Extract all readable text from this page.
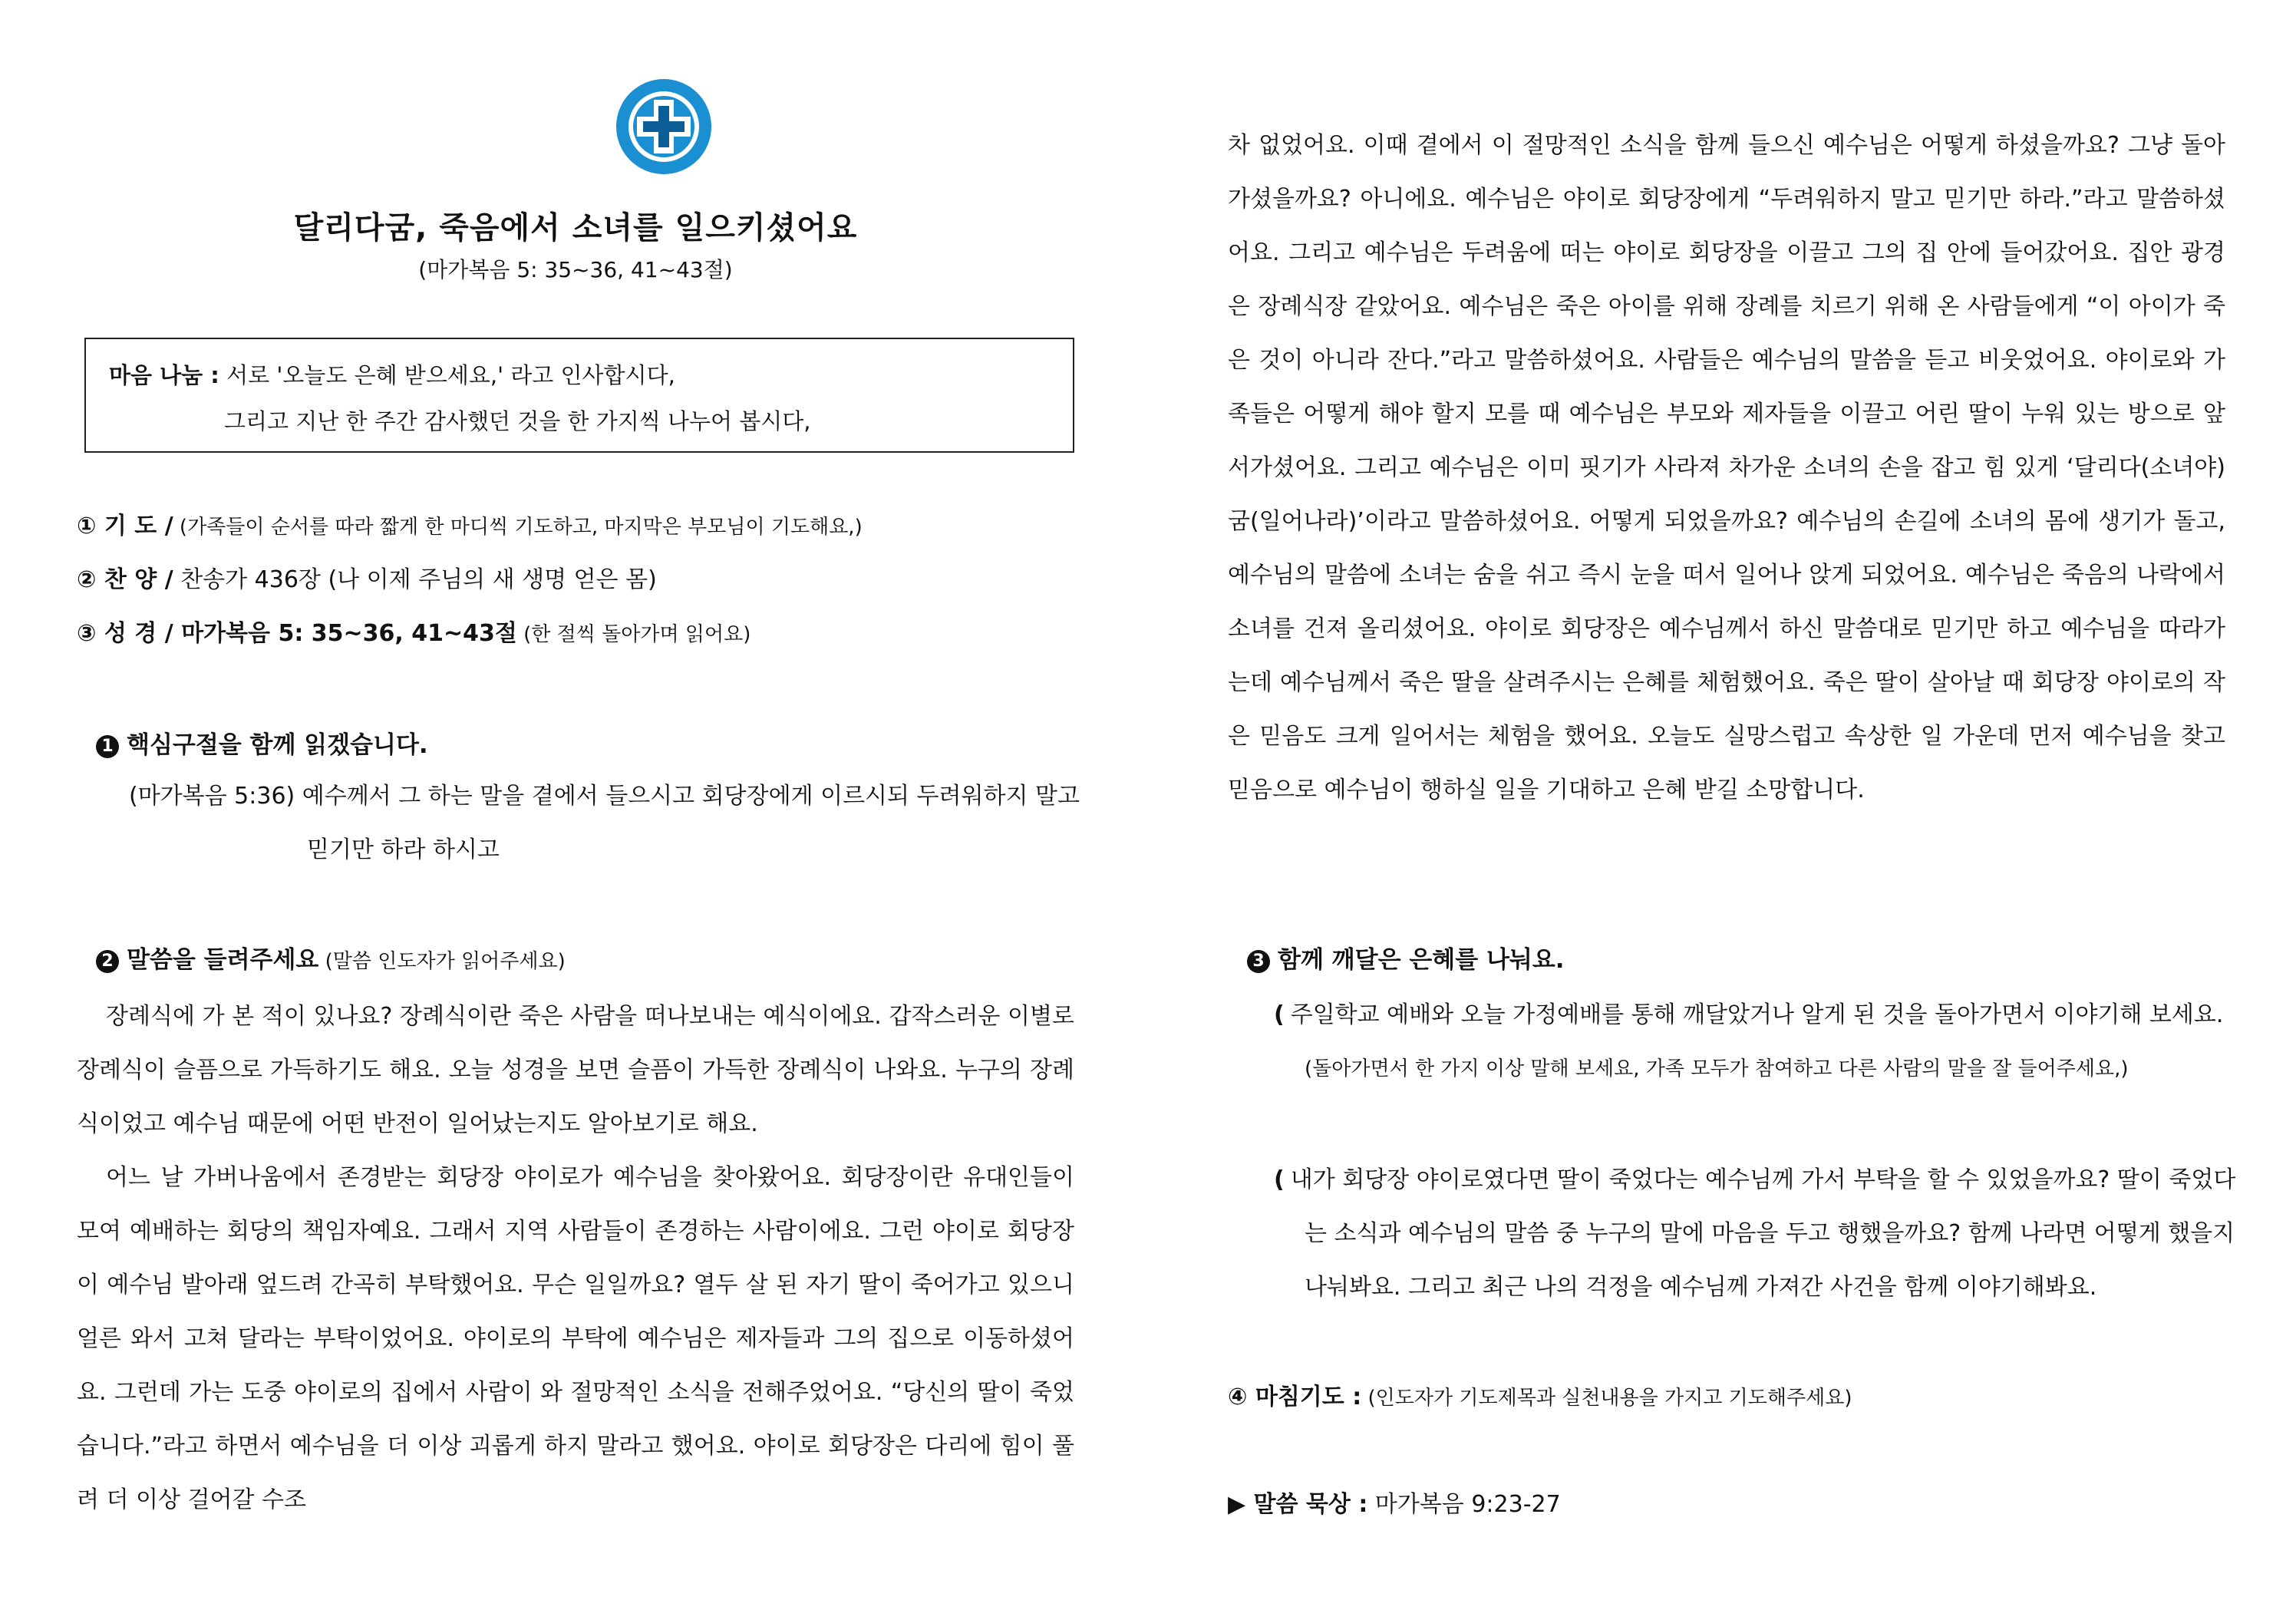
달리다굼, 죽음에서 소녀를 일으키셨어요
(마가복음 5: 35~36, 41~43절)
마음 나눔 : 서로 '오늘도 은혜 받으세요,' 라고 인사합시다,
그리고 지난 한 주간 감사했던 것을 한 가지씩 나누어 봅시다,
① 기 도 / (가족들이 순서를 따라 짧게 한 마디씩 기도하고, 마지막은 부모님이 기도해요,)
② 찬 양 / 찬송가 436장 (나 이제 주님의 새 생명 얻은 몸)
③ 성 경 / 마가복음 5: 35~36, 41~43절 (한 절씩 돌아가며 읽어요)
1 핵심구절을 함께 읽겠습니다.
(마가복음 5:36) 예수께서 그 하는 말을 곁에서 들으시고 회당장에게 이르시되 두려워하지 말고
믿기만 하라 하시고
2 말씀을 들려주세요 (말씀 인도자가 읽어주세요)

장례식에 가 본 적이 있나요? 장례식이란 죽은 사람을 떠나보내는 예식이에요. 갑작스러운 이별로 장례식이 슬픔으로 가득하기도 해요. 오늘 성경을 보면 슬픔이 가득한 장례식이 나와요. 누구의 장례식이었고 예수님 때문에 어떤 반전이 일어났는지도 알아보기로 해요.

어느 날 가버나움에서 존경받는 회당장 야이로가 예수님을 찾아왔어요. 회당장이란 유대인들이 모여 예배하는 회당의 책임자예요. 그래서 지역 사람들이 존경하는 사람이에요. 그런 야이로 회당장이 예수님 발아래 엎드려 간곡히 부탁했어요. 무슨 일일까요? 열두 살 된 자기 딸이 죽어가고 있으니 얼른 와서 고쳐 달라는 부탁이었어요. 야이로의 부탁에 예수님은 제자들과 그의 집으로 이동하셨어요. 그런데 가는 도중 야이로의 집에서 사람이 와 절망적인 소식을 전해주었어요. “당신의 딸이 죽었습니다.”라고 하면서 예수님을 더 이상 괴롭게 하지 말라고 했어요. 야이로 회당장은 다리에 힘이 풀려 더 이상 걸어갈 수조

차 없었어요. 이때 곁에서 이 절망적인 소식을 함께 들으신 예수님은 어떻게 하셨을까요? 그냥 돌아가셨을까요? 아니에요. 예수님은 야이로 회당장에게 “두려워하지 말고 믿기만 하라.”라고 말씀하셨어요. 그리고 예수님은 두려움에 떠는 야이로 회당장을 이끌고 그의 집 안에 들어갔어요. 집안 광경은 장례식장 같았어요. 예수님은 죽은 아이를 위해 장례를 치르기 위해 온 사람들에게 “이 아이가 죽은 것이 아니라 잔다.”라고 말씀하셨어요. 사람들은 예수님의 말씀을 듣고 비웃었어요. 야이로와 가족들은 어떻게 해야 할지 모를 때 예수님은 부모와 제자들을 이끌고 어린 딸이 누워 있는 방으로 앞서가셨어요. 그리고 예수님은 이미 핏기가 사라져 차가운 소녀의 손을 잡고 힘 있게 ‘달리다(소녀야) 굼(일어나라)’이라고 말씀하셨어요. 어떻게 되었을까요? 예수님의 손길에 소녀의 몸에 생기가 돌고, 예수님의 말씀에 소녀는 숨을 쉬고 즉시 눈을 떠서 일어나 앉게 되었어요. 예수님은 죽음의 나락에서 소녀를 건져 올리셨어요. 야이로 회당장은 예수님께서 하신 말씀대로 믿기만 하고 예수님을 따라가는데 예수님께서 죽은 딸을 살려주시는 은혜를 체험했어요. 죽은 딸이 살아날 때 회당장 야이로의 작은 믿음도 크게 일어서는 체험을 했어요. 오늘도 실망스럽고 속상한 일 가운데 먼저 예수님을 찾고 믿음으로 예수님이 행하실 일을 기대하고 은혜 받길 소망합니다.

3 함께 깨달은 은혜를 나눠요.
( 주일학교 예배와 오늘 가정예배를 통해 깨달았거나 알게 된 것을 돌아가면서 이야기해 보세요.
(돌아가면서 한 가지 이상 말해 보세요, 가족 모두가 참여하고 다른 사람의 말을 잘 들어주세요,)
( 내가 회당장 야이로였다면 딸이 죽었다는 예수님께 가서 부탁을 할 수 있었을까요? 딸이 죽었다
는 소식과 예수님의 말씀 중 누구의 말에 마음을 두고 행했을까요? 함께 나라면 어떻게 했을지
나눠봐요. 그리고 최근 나의 걱정을 예수님께 가져간 사건을 함께 이야기해봐요.
④ 마침기도 : (인도자가 기도제목과 실천내용을 가지고 기도해주세요)
▶ 말씀 묵상 : 마가복음 9:23-27
